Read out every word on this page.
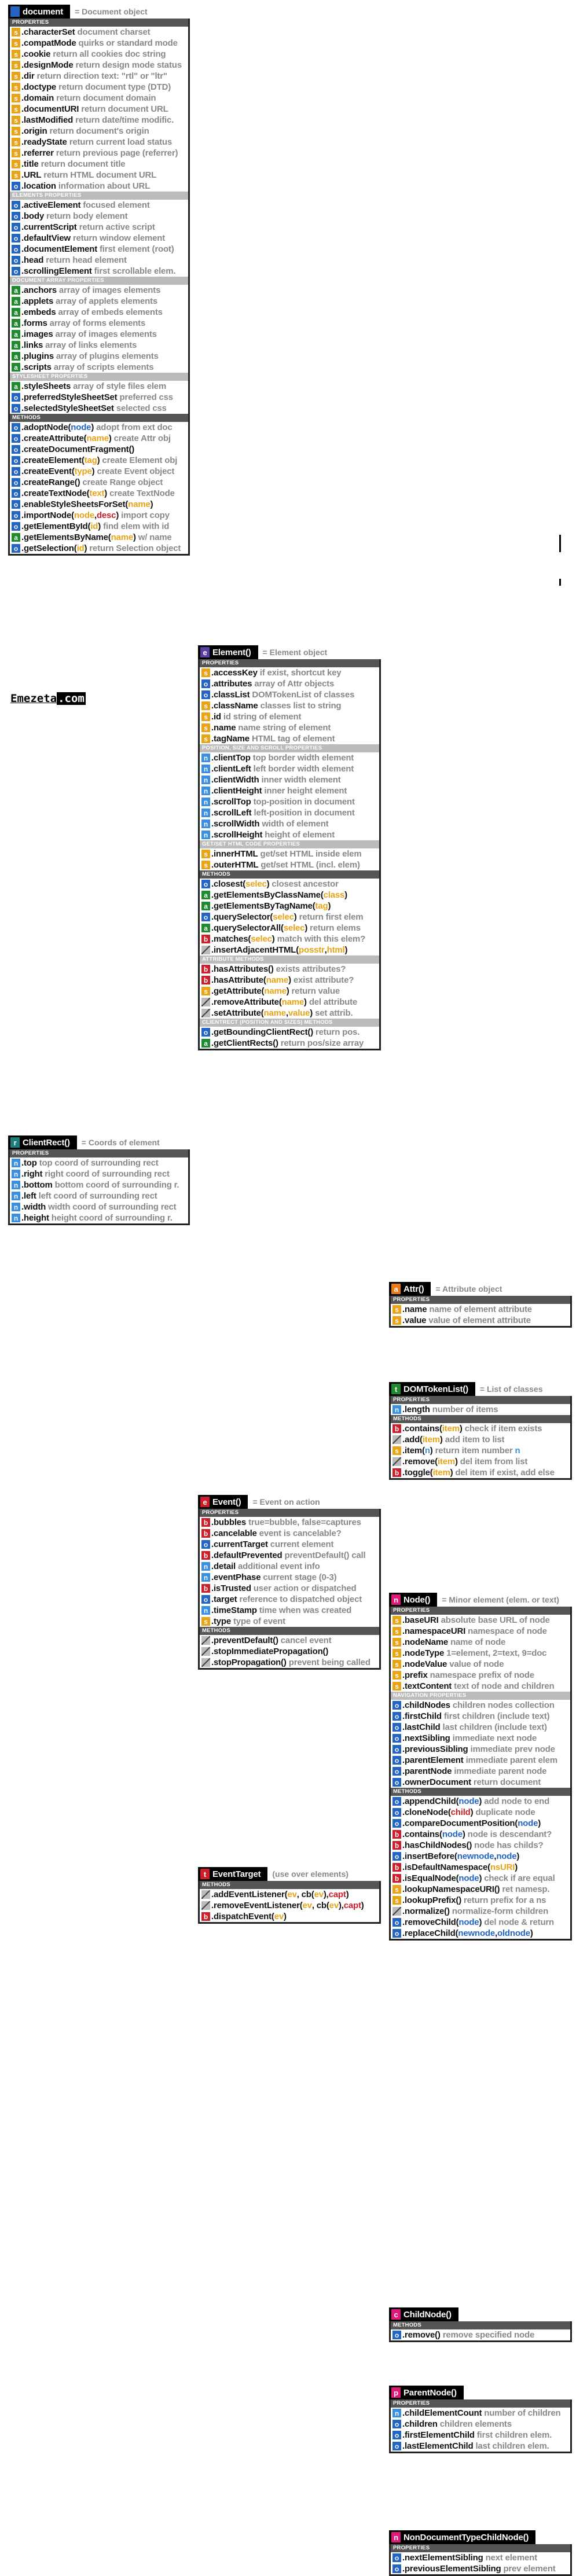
document = Document object
PROPERTIES
s .characterSet document charset
s .compatMode quirks or standard mode
s .cookie return all cookies doc string
s .designMode return design mode status
s .dir return direction text: "rtl" or "ltr"
s .doctype return document type (DTD)
s .domain return document domain
s .documentURI return document URL
s .lastModified return date/time modific.
s .origin return document's origin
s .readyState return current load status
s .referrer return previous page (referrer)
s .title return document title
s .URL return HTML document URL
o .location information about URL
ELEMENTS PROPERTIES
o .activeElement focused element
o .body return body element
o .currentScript return active script
o .defaultView return window element
o .documentElement first element (root)
o .head return head element
o .scrollingElement first scrollable elem.
DOCUMENT ARRAY PROPERTIES
a .anchors array of images elements
a .applets array of applets elements
a .embeds array of embeds elements
a .forms array of forms elements
a .images array of images elements
a .links array of links elements
a .plugins array of plugins elements
a .scripts array of scripts elements
STYLESHEET PROPERTIES
a .styleSheets array of style files elem
o .preferredStyleSheetSet preferred css
o .selectedStyleSheetSet selected css
METHODS
o .adoptNode( node ) adopt from ext doc
o .createAttribute( name ) create Attr obj
o .createDocumentFragment()
o .createElement( tag ) create Element obj
o .createEvent( type ) create Event object
o .createRange() create Range object
o .createTextNode( text ) create TextNode
o .enableStyleSheetsForSet( name )
o .importNode( node , desc ) import copy
o .getElementById( id ) find elem with id
a .getElementsByName( name ) w/ name
o .getSelection( id ) return Selection object
r ClientRect() = Coords of element
PROPERTIES
n .top top coord of surrounding rect
n .right right coord of surrounding rect
n .bottom bottom coord of surrounding r.
n .left left coord of surrounding rect
n .width width coord of surrounding rect
n .height height coord of surrounding r.
e Element() = Element object
PROPERTIES
s .accessKey if exist, shortcut key
o .attributes array of Attr objects
o .classList DOMTokenList of classes
s .className classes list to string
s .id id string of element
s .name name string of element
s .tagName HTML tag of element
POSITION, SIZE AND SCROLL PROPERTIES
n .clientTop top border width element
n .clientLeft left border width element
n .clientWidth inner width element
n .clientHeight inner height element
n .scrollTop top-position in document
n .scrollLeft left-position in document
n .scrollWidth width of element
n .scrollHeight height of element
GET/SET HTML CODE PROPERTIES
s .innerHTML get/set HTML inside elem
s .outerHTML get/set HTML (incl. elem)
METHODS
o .closest( selec ) closest ancestor
a .getElementsByClassName( class )
a .getElementsByTagName( tag )
o .querySelector( selec ) return first elem
a .querySelectorAll( selec ) return elems
b .matches( selec ) match with this elem?
.insertAdjacentHTML( posstr , html )
ATTRIBUTE METHODS
b .hasAttributes() exists attributes?
b .hasAttribute( name ) exist attribute?
s .getAttribute( name ) return value
.removeAttribute( name ) del attribute
.setAttribute( name , value ) set attrib.
CLIENTRECT (POSITION AND SIZES) METHODS
o .getBoundingClientRect() return pos.
a .getClientRects() return pos/size array
e Event() = Event on action
PROPERTIES
b .bubbles true=bubble, false=captures
b .cancelable event is cancelable?
o .currentTarget current element
b .defaultPrevented preventDefault() call
n .detail additional event info
n .eventPhase current stage (0-3)
b .isTrusted user action or dispatched
o .target reference to dispatched object
n .timeStamp time when was created
s .type type of event
METHODS
.preventDefault() cancel event
.stopImmediatePropagation()
.stopPropagation() prevent being called
t EventTarget (use over elements)
METHODS
.addEventListener( ev , cb( ev ), capt )
.removeEventListener( ev , cb( ev ), capt )
b .dispatchEvent( ev )
a Attr() = Attribute object
PROPERTIES
s .name name of element attribute
s .value value of element attribute
t DOMTokenList() = List of classes
PROPERTIES
n .length number of items
METHODS
b .contains( item ) check if item exists
.add( item ) add item to list
s .item( n ) return item number n
.remove( item ) del item from list
b .toggle( item ) del item if exist, add else
n Node() = Minor element (elem. or text)
PROPERTIES
s .baseURI absolute base URL of node
s .namespaceURI namespace of node
s .nodeName name of node
s .nodeType 1=element, 2=text, 9=doc
s .nodeValue value of node
s .prefix namespace prefix of node
s .textContent text of node and children
NAVIGATION PROPERTIES
o .childNodes children nodes collection
o .firstChild first children (include text)
o .lastChild last children (include text)
o .nextSibling immediate next node
o .previousSibling immediate prev node
o .parentElement immediate parent elem
o .parentNode immediate parent node
o .ownerDocument return document
METHODS
o .appendChild( node ) add node to end
o .cloneNode( child ) duplicate node
o .compareDocumentPosition( node )
b .contains( node ) node is descendant?
b .hasChildNodes() node has childs?
o .insertBefore( newnode , node )
b .isDefaultNamespace( nsURI )
b .isEqualNode( node ) check if are equal
s .lookupNamespaceURI() ret namesp.
s .lookupPrefix() return prefix for a ns
.normalize() normalize-form children
o .removeChild( node ) del node & return
o .replaceChild( newnode , oldnode )
c ChildNode()
METHODS
o .remove() remove specified node
p ParentNode()
PROPERTIES
n .childElementCount number of children
o .children children elements
o .firstElementChild first children elem.
o .lastElementChild last children elem.
n NonDocumentTypeChildNode()
PROPERTIES
o .nextElementSibling next element
o .previousElementSibling prev element
Emezeta .com
